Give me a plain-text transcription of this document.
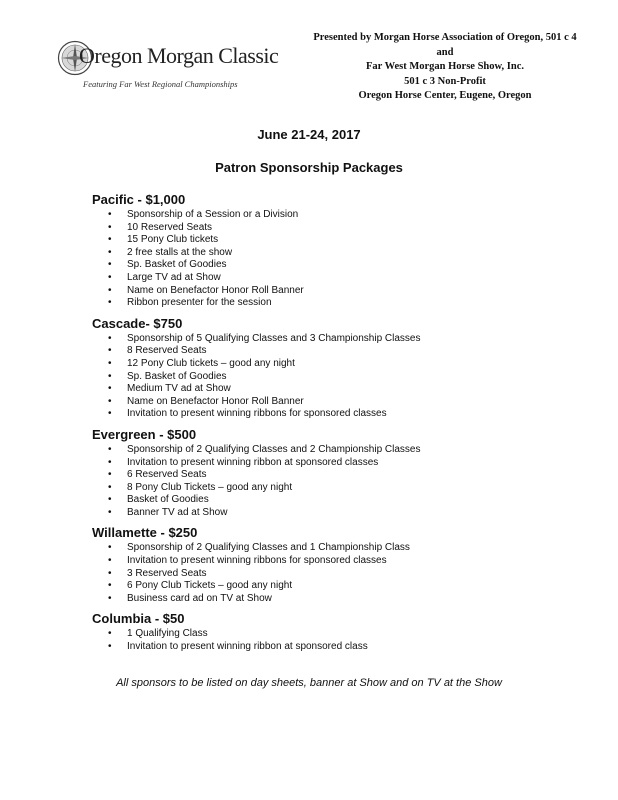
Oregon Morgan Classic
Featuring Far West Regional Championships
Presented by Morgan Horse Association of Oregon, 501 c 4
and
Far West Morgan Horse Show, Inc.
501 c 3 Non-Profit
Oregon Horse Center, Eugene, Oregon
June 21-24, 2017
Patron Sponsorship Packages
Pacific - $1,000
• Sponsorship of a Session or a Division
• 10 Reserved Seats
• 15 Pony Club tickets
• 2 free stalls at the show
• Sp. Basket of Goodies
• Large TV ad at Show
• Name on Benefactor Honor Roll Banner
• Ribbon presenter for the session
Cascade- $750
• Sponsorship of 5 Qualifying Classes and 3 Championship Classes
• 8 Reserved Seats
• 12 Pony Club tickets – good any night
• Sp. Basket of Goodies
• Medium TV ad at Show
• Name on Benefactor Honor Roll Banner
• Invitation to present winning ribbons for sponsored classes
Evergreen - $500
• Sponsorship of 2 Qualifying Classes and 2 Championship Classes
• Invitation to present winning ribbon at sponsored classes
• 6 Reserved Seats
• 8 Pony Club Tickets – good any night
• Basket of Goodies
• Banner TV ad at Show
Willamette - $250
• Sponsorship of 2 Qualifying Classes and 1 Championship Class
• Invitation to present winning ribbons for sponsored classes
• 3 Reserved Seats
• 6 Pony Club Tickets – good any night
• Business card ad on TV at Show
Columbia - $50
• 1 Qualifying Class
• Invitation to present winning ribbon at sponsored class
All sponsors to be listed on day sheets, banner at Show and on TV at the Show
